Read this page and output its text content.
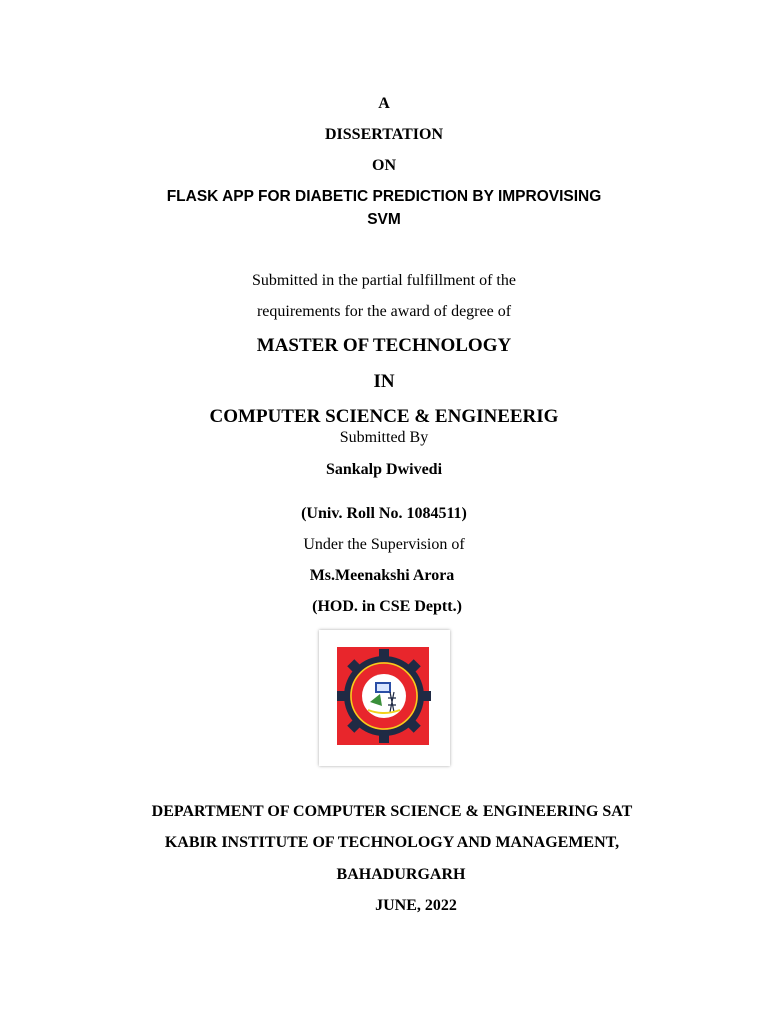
A
DISSERTATION
ON
FLASK APP FOR DIABETIC PREDICTION BY IMPROVISING
SVM
Submitted in the partial fulfillment of the
requirements for the award of degree of
MASTER OF TECHNOLOGY
IN
COMPUTER SCIENCE & ENGINEERIG
Submitted By
Sankalp Dwivedi
(Univ. Roll No. 1084511)
Under the Supervision of
Ms.Meenakshi Arora
(HOD. in CSE Deptt.)
DEPARTMENT OF COMPUTER SCIENCE & ENGINEERING SAT
KABIR INSTITUTE OF TECHNOLOGY AND MANAGEMENT,
BAHADURGARH
JUNE, 2022
